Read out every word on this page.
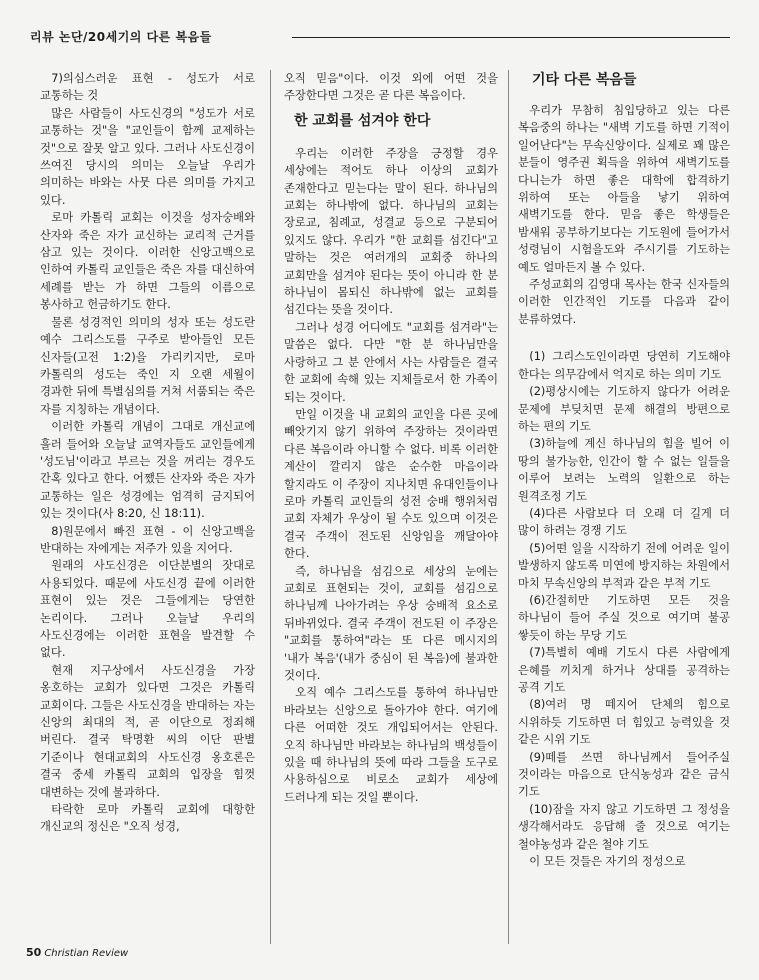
리뷰 논단/20세기의 다른 복음들

7)의심스러운 표현 - 성도가 서로 교통하는 것

많은 사람들이 사도신경의 "성도가 서로 교통하는 것"을 "교인들이 함께 교제하는 것"으로 잘못 알고 있다. 그러나 사도신경이 쓰여진 당시의 의미는 오늘날 우리가 의미하는 바와는 사뭇 다른 의미를 가지고 있다.

로마 카톨릭 교회는 이것을 성자숭배와 산자와 죽은 자가 교신하는 교리적 근거를 삼고 있는 것이다. 이러한 신앙고백으로 인하여 카톨릭 교인들은 죽은 자를 대신하여 세례를 받는 가 하면 그들의 이름으로 봉사하고 헌금하기도 한다.

물론 성경적인 의미의 성자 또는 성도란 예수 그리스도를 구주로 받아들인 모든 신자들(고전 1:2)을 가리키지만, 로마 카톨릭의 성도는 죽인 지 오랜 세월이 경과한 뒤에 특별심의를 거쳐 서품되는 죽은 자를 지칭하는 개념이다.

이러한 카톨릭 개념이 그대로 개신교에 흘러 들어와 오늘날 교역자들도 교인들에게 '성도님'이라고 부르는 것을 꺼리는 경우도 간혹 있다고 한다. 어쨌든 산자와 죽은 자가 교통하는 일은 성경에는 엄격히 금지되어 있는 것이다(사 8:20, 신 18:11).

8)원문에서 빠진 표현 - 이 신앙고백을 반대하는 자에게는 저주가 있을 지어다.

원래의 사도신경은 이단분별의 잣대로 사용되었다. 때문에 사도신경 끝에 이러한 표현이 있는 것은 그들에게는 당연한 논리이다. 그러나 오늘날 우리의 사도신경에는 이러한 표현을 발견할 수 없다.

현재 지구상에서 사도신경을 가장 옹호하는 교회가 있다면 그것은 카톨릭 교회이다. 그들은 사도신경을 반대하는 자는 신앙의 최대의 적, 곧 이단으로 정죄해 버린다. 결국 탁명환 씨의 이단 판별 기준이나 현대교회의 사도신경 옹호론은 결국 중세 카톨릭 교회의 입장을 힘껏 대변하는 것에 불과하다.

타락한 로마 카톨릭 교회에 대항한 개신교의 정신은 "오직 성경,

오직 믿음"이다. 이것 외에 어떤 것을 주장한다면 그것은 곧 다른 복음이다.

한 교회를 섬겨야 한다

우리는 이러한 주장을 긍정할 경우 세상에는 적어도 하나 이상의 교회가 존재한다고 믿는다는 말이 된다. 하나님의 교회는 하나밖에 없다. 하나님의 교회는 장로교, 침례교, 성결교 등으로 구분되어 있지도 않다. 우리가 "한 교회를 섬긴다"고 말하는 것은 여러개의 교회중 하나의 교회만을 섬겨야 된다는 뜻이 아니라 한 분 하나님이 몸되신 하나밖에 없는 교회를 섬긴다는 뜻을 것이다.

그러나 성경 어디에도 "교회를 섬겨라"는 말씀은 없다. 다만 "한 분 하나님만을 사랑하고 그 분 안에서 사는 사람들은 결국 한 교회에 속해 있는 지체들로서 한 가족이 되는 것이다.

만일 이것을 내 교회의 교인을 다른 곳에 빼앗기지 않기 위하여 주장하는 것이라면 다른 복음이라 아니할 수 없다. 비록 이러한 계산이 깔리지 않은 순수한 마음이라 할지라도 이 주장이 지나치면 유대인들이나 로마 카톨릭 교인들의 성전 숭배 행위처럼 교회 자체가 우상이 될 수도 있으며 이것은 결국 주객이 전도된 신앙임을 깨달아야 한다.

즉, 하나님을 섬김으로 세상의 눈에는 교회로 표현되는 것이, 교회를 섬김으로 하나님께 나아가려는 우상 숭배적 요소로 뒤바뀌었다. 결국 주객이 전도된 이 주장은 "교회를 통하여"라는 또 다른 메시지의 '내가 복음'(내가 중심이 된 복음)에 불과한 것이다.

오직 예수 그리스도를 통하여 하나님만 바라보는 신앙으로 돌아가야 한다. 여기에 다른 어떠한 것도 개입되어서는 안된다. 오직 하나님만 바라보는 하나님의 백성들이 있을 때 하나님의 뜻에 따라 그들을 도구로 사용하심으로 비로소 교회가 세상에 드러나게 되는 것일 뿐이다.

기타 다른 복음들

우리가 무참히 침입당하고 있는 다른 복음중의 하나는 "새벽 기도를 하면 기적이 일어난다"는 무속신앙이다. 실제로 꽤 많은 분들이 영주권 획득을 위하여 새벽기도를 다니는가 하면 좋은 대학에 합격하기 위하여 또는 아들을 낳기 위하여 새벽기도를 한다. 믿음 좋은 학생들은 밤새워 공부하기보다는 기도원에 들어가서 성령님이 시험을도와 주시기를 기도하는 예도 얼마든지 볼 수 있다.

주성교회의 김영대 목사는 한국 신자들의 이러한 인간적인 기도를 다음과 같이 분류하였다.

(1) 그리스도인이라면 당연히 기도해야 한다는 의무감에서 억지로 하는 의미 기도

(2)평상시에는 기도하지 않다가 어려운 문제에 부딪치면 문제 해결의 방편으로 하는 편의 기도

(3)하늘에 계신 하나님의 힘을 빌어 이 땅의 불가능한, 인간이 할 수 없는 일들을 이루어 보려는 노력의 일환으로 하는 원격조정 기도

(4)다른 사람보다 더 오래 더 길게 더 많이 하려는 경쟁 기도

(5)어떤 일을 시작하기 전에 어려운 일이 발생하지 않도록 미연에 방지하는 차원에서 마치 무속신앙의 부적과 같은 부적 기도

(6)간절히만 기도하면 모든 것을 하나님이 들어 주실 것으로 여기며 불공 쌓듯이 하는 무당 기도

(7)특별히 예배 기도시 다른 사람에게 은혜를 끼치게 하거나 상대를 공격하는 공격 기도

(8)여러 명 떼지어 단체의 힘으로 시위하듯 기도하면 더 힘있고 능력있을 것 같은 시위 기도

(9)떼를 쓰면 하나님께서 들어주실 것이라는 마음으로 단식농성과 같은 금식 기도

(10)잠을 자지 않고 기도하면 그 정성을 생각해서라도 응답해 줄 것으로 여기는 철야농성과 같은 철야 기도

이 모든 것들은 자기의 정성으로

50 Christian Review
